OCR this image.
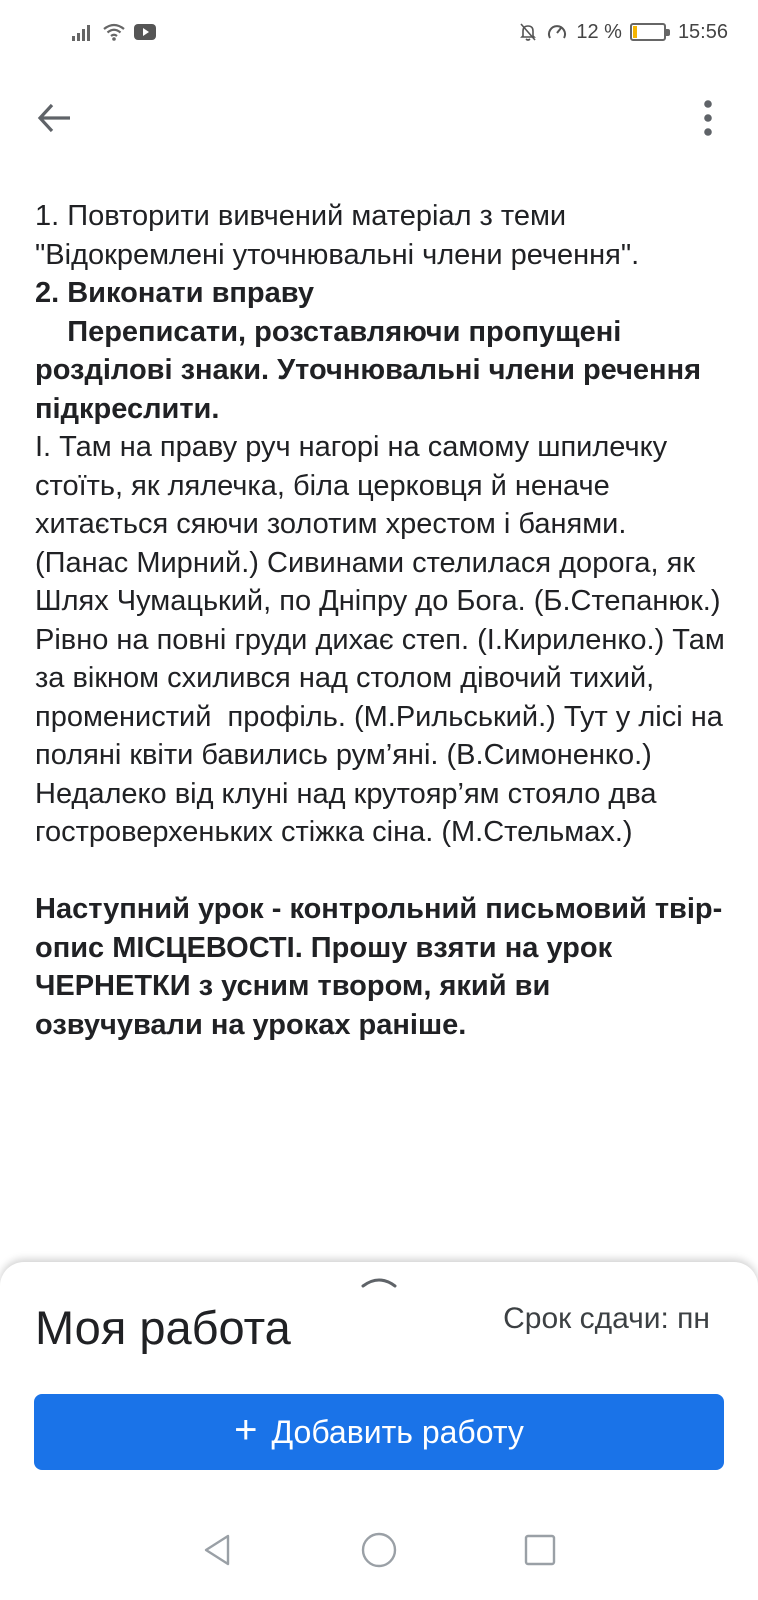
12 %	15:56

1. Повторити вивчений матеріал з теми "Відокремлені уточнювальні члени речення".

2. Виконати вправу

Переписати, розставляючи пропущені розділові знаки. Уточнювальні члени речення підкреслити.

І. Там на праву руч нагорі на самому шпилечку стоїть, як лялечка, біла церковця й неначе хитається сяючи золотим хрестом і банями. (Панас Мирний.) Сивинами стелилася дорога, як Шлях Чумацький, по Дніпру до Бога. (Б.Степанюк.) Рівно на повні груди дихає степ. (І.Кириленко.) Там за вікном схилився над столом дівочий тихий, променистий  профіль. (М.Рильський.) Тут у лісі на поляні квіти бавились рум’яні. (В.Симоненко.) Недалеко від клуні над крутояр’ям стояло два  гостроверхеньких стіжка сіна. (М.Стельмах.)

Наступний урок - контрольний письмовий твір-опис МІСЦЕВОСТІ. Прошу взяти на урок ЧЕРНЕТКИ з усним твором, який ви озвучували на уроках раніше.

Моя работа	Срок сдачи: пн
+ Добавить работу
